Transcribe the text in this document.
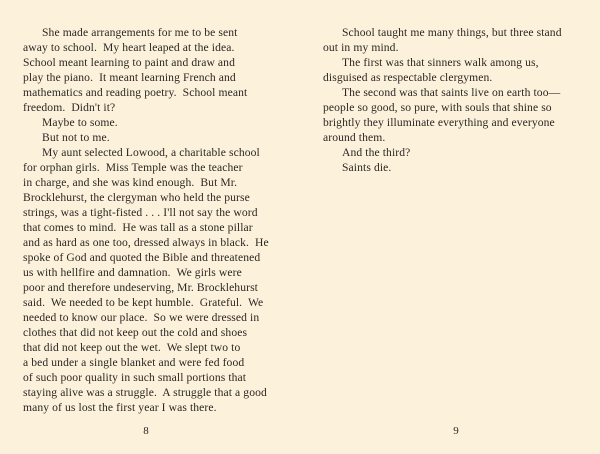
She made arrangements for me to be sent
away to school.  My heart leaped at the idea.
School meant learning to paint and draw and
play the piano.  It meant learning French and
mathematics and reading poetry.  School meant
freedom.  Didn't it?
Maybe to some.
But not to me.
My aunt selected Lowood, a charitable school
for orphan girls.  Miss Temple was the teacher
in charge, and she was kind enough.  But Mr.
Brocklehurst, the clergyman who held the purse
strings, was a tight-fisted . . . I'll not say the word
that comes to mind.  He was tall as a stone pillar
and as hard as one too, dressed always in black.  He
spoke of God and quoted the Bible and threatened
us with hellfire and damnation.  We girls were
poor and therefore undeserving, Mr. Brocklehurst
said.  We needed to be kept humble.  Grateful.  We
needed to know our place.  So we were dressed in
clothes that did not keep out the cold and shoes
that did not keep out the wet.  We slept two to
a bed under a single blanket and were fed food
of such poor quality in such small portions that
staying alive was a struggle.  A struggle that a good
many of us lost the first year I was there.
8
School taught me many things, but three stand
out in my mind.
The first was that sinners walk among us,
disguised as respectable clergymen.
The second was that saints live on earth too—
people so good, so pure, with souls that shine so
brightly they illuminate everything and everyone
around them.
And the third?
Saints die.
9
